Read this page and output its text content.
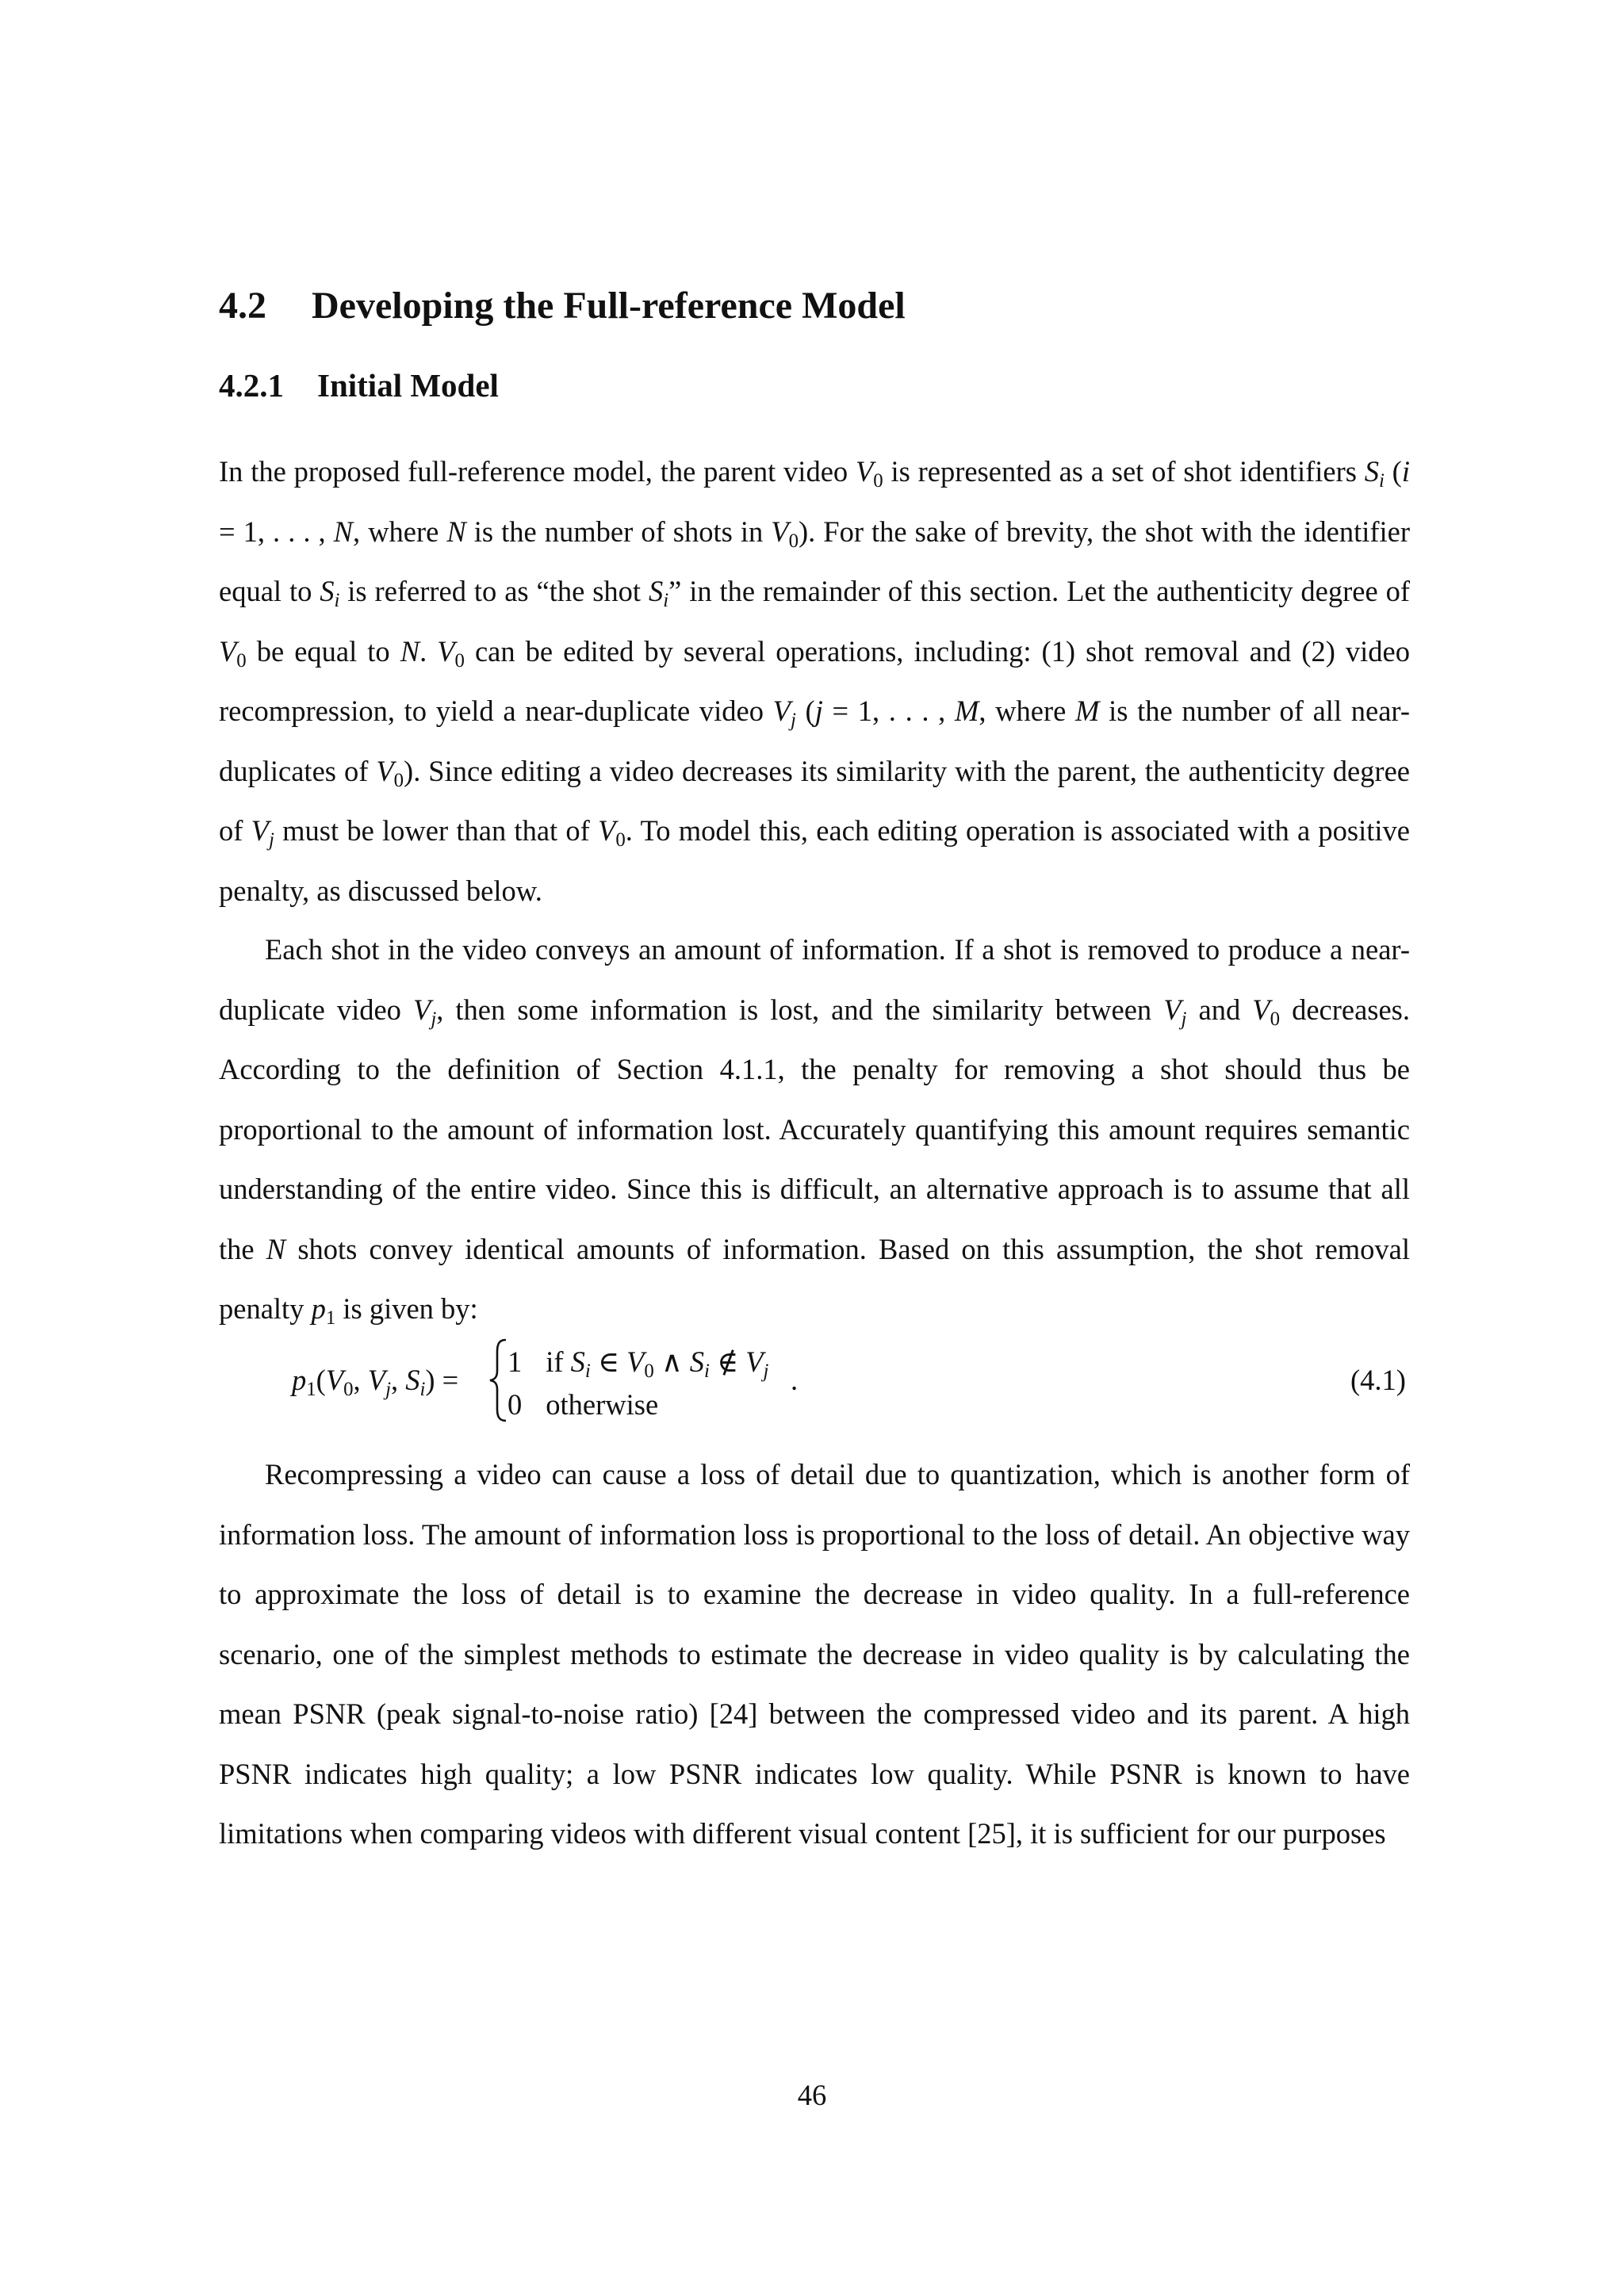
4.2 Developing the Full-reference Model
4.2.1 Initial Model
In the proposed full-reference model, the parent video $V_0$ is represented as a set of shot identifiers $S_i$ (i = 1, . . . , N, where N is the number of shots in $V_0$). For the sake of brevity, the shot with the identifier equal to $S_i$ is referred to as “the shot $S_i$” in the remainder of this section. Let the authenticity degree of $V_0$ be equal to N. $V_0$ can be edited by several operations, including: (1) shot removal and (2) video recompression, to yield a near-duplicate video $V_j$ (j = 1, . . . , M, where M is the number of all near-duplicates of $V_0$). Since editing a video decreases its similarity with the parent, the authenticity degree of $V_j$ must be lower than that of $V_0$. To model this, each editing operation is associated with a positive penalty, as discussed below.
Each shot in the video conveys an amount of information. If a shot is removed to produce a near-duplicate video $V_j$, then some information is lost, and the similarity between $V_j$ and $V_0$ decreases. According to the definition of Section 4.1.1, the penalty for removing a shot should thus be proportional to the amount of information lost. Accurately quantifying this amount requires semantic understanding of the entire video. Since this is difficult, an alternative approach is to assume that all the N shots convey identical amounts of information. Based on this assumption, the shot removal penalty $p_1$ is given by:
$p_1(V_0$, $V_j$, $S_i$) =
1 if $S_i$ ∈ $V_0$ ∧ $S_i$ ∉ $V_j$
0 otherwise
.	(4.1)
Recompressing a video can cause a loss of detail due to quantization, which is another form of information loss. The amount of information loss is proportional to the loss of detail. An objective way to approximate the loss of detail is to examine the decrease in video quality. In a full-reference scenario, one of the simplest methods to estimate the decrease in video quality is by calculating the mean PSNR (peak signal-to-noise ratio) [24] between the compressed video and its parent. A high PSNR indicates high quality; a low PSNR indicates low quality. While PSNR is known to have limitations when comparing videos with different visual content [25], it is sufficient for our purposes
46
